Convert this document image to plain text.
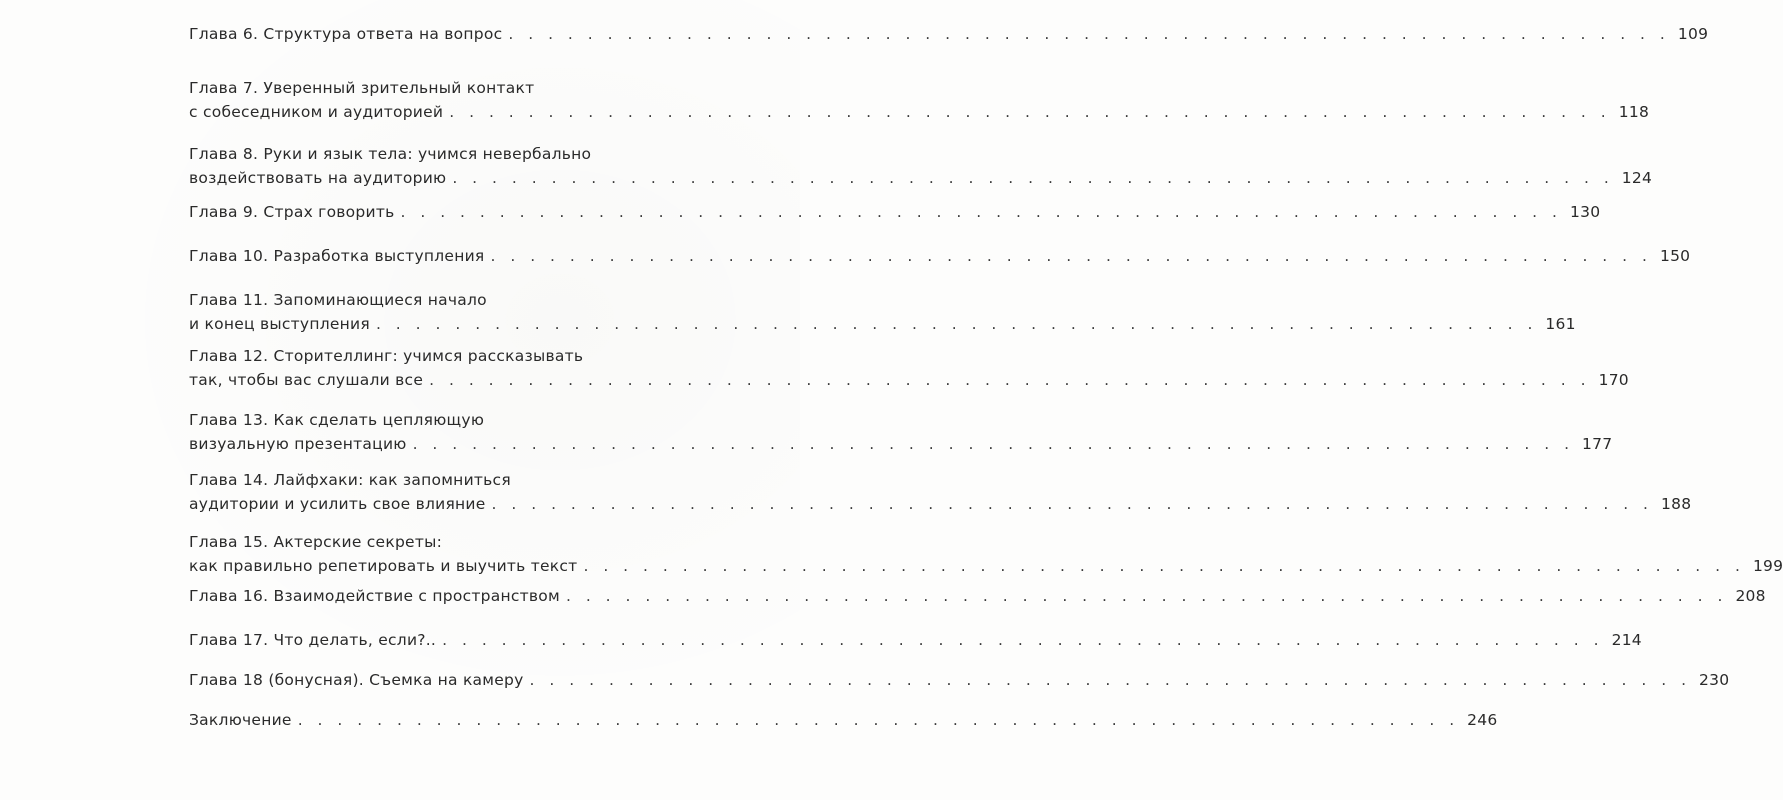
Глава 6. Структура ответа на вопрос . . . . . . . . . . . . . . . . . . . . . . . . . . . . . . . . . . . . . . . . . . . . . . . . . . . . . . . . . . . 109
Глава 7. Уверенный зрительный контакт
с собеседником и аудиторией . . . . . . . . . . . . . . . . . . . . . . . . . . . . . . . . . . . . . . . . . . . . . . . . . . . . . . . . . . . 118
Глава 8. Руки и язык тела: учимся невербально
воздействовать на аудиторию . . . . . . . . . . . . . . . . . . . . . . . . . . . . . . . . . . . . . . . . . . . . . . . . . . . . . . . . . . . 124
Глава 9. Страх говорить . . . . . . . . . . . . . . . . . . . . . . . . . . . . . . . . . . . . . . . . . . . . . . . . . . . . . . . . . . . 130
Глава 10. Разработка выступления . . . . . . . . . . . . . . . . . . . . . . . . . . . . . . . . . . . . . . . . . . . . . . . . . . . . . . . . . . . 150
Глава 11. Запоминающиеся начало
и конец выступления . . . . . . . . . . . . . . . . . . . . . . . . . . . . . . . . . . . . . . . . . . . . . . . . . . . . . . . . . . . 161
Глава 12. Сторителлинг: учимся рассказывать
так, чтобы вас слушали все . . . . . . . . . . . . . . . . . . . . . . . . . . . . . . . . . . . . . . . . . . . . . . . . . . . . . . . . . . . 170
Глава 13. Как сделать цепляющую
визуальную презентацию . . . . . . . . . . . . . . . . . . . . . . . . . . . . . . . . . . . . . . . . . . . . . . . . . . . . . . . . . . . 177
Глава 14. Лайфхаки: как запомниться
аудитории и усилить свое влияние . . . . . . . . . . . . . . . . . . . . . . . . . . . . . . . . . . . . . . . . . . . . . . . . . . . . . . . . . . . 188
Глава 15. Актерские секреты:
как правильно репетировать и выучить текст . . . . . . . . . . . . . . . . . . . . . . . . . . . . . . . . . . . . . . . . . . . . . . . . . . . . . . . . . . . 199
Глава 16. Взаимодействие с пространством . . . . . . . . . . . . . . . . . . . . . . . . . . . . . . . . . . . . . . . . . . . . . . . . . . . . . . . . . . . 208
Глава 17. Что делать, если?.. . . . . . . . . . . . . . . . . . . . . . . . . . . . . . . . . . . . . . . . . . . . . . . . . . . . . . . . . . . . 214
Глава 18 (бонусная). Съемка на камеру . . . . . . . . . . . . . . . . . . . . . . . . . . . . . . . . . . . . . . . . . . . . . . . . . . . . . . . . . . . 230
Заключение . . . . . . . . . . . . . . . . . . . . . . . . . . . . . . . . . . . . . . . . . . . . . . . . . . . . . . . . . . . 246
